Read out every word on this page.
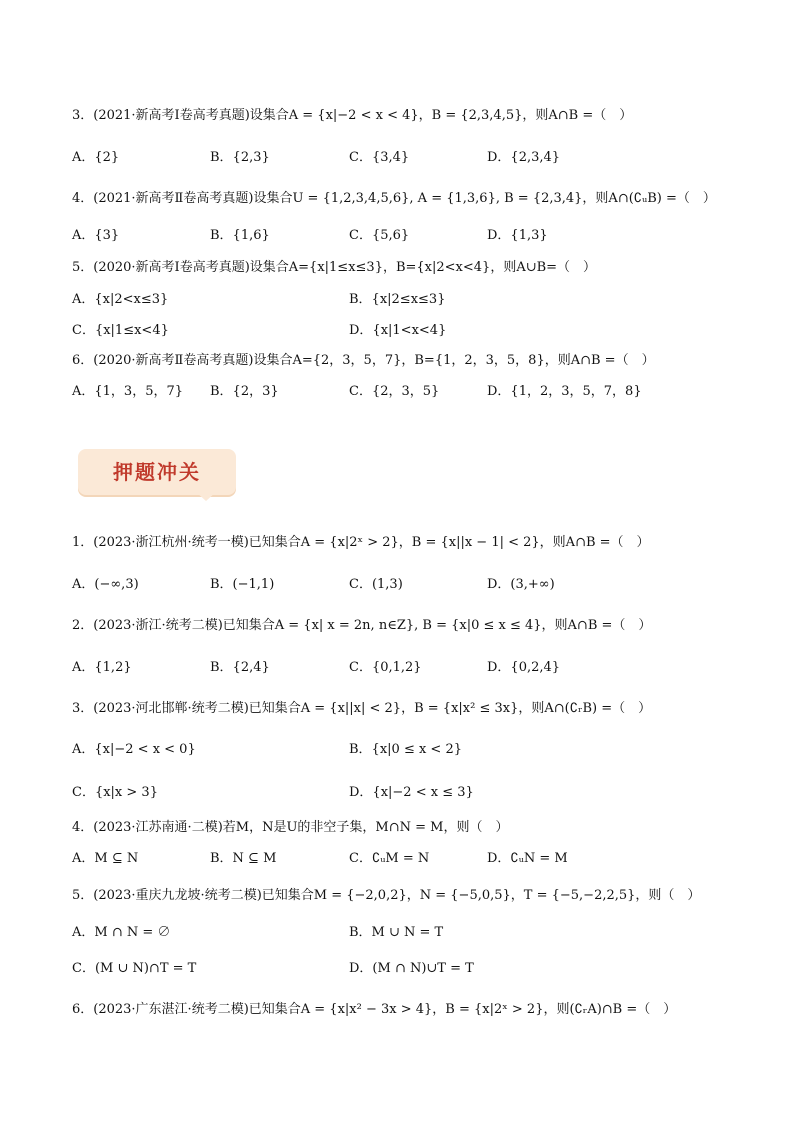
3．(2021·新高考Ⅰ卷高考真题)设集合A = {x|−2 < x < 4}，B = {2,3,4,5}，则A∩B =（　）
A．{2}	B．{2,3}	C．{3,4}	D．{2,3,4}
4．(2021·新高考Ⅱ卷高考真题)设集合U = {1,2,3,4,5,6}, A = {1,3,6}, B = {2,3,4}，则A∩(∁ᵤB) =（　）
A．{3}	B．{1,6}	C．{5,6}	D．{1,3}
5．(2020·新高考Ⅰ卷高考真题)设集合A={x|1≤x≤3}，B={x|2<x<4}，则A∪B=（　）
A．{x|2<x≤3}	B．{x|2≤x≤3}
C．{x|1≤x<4}	D．{x|1<x<4}
6．(2020·新高考Ⅱ卷高考真题)设集合A={2，3，5，7}，B={1，2，3，5，8}，则A∩B =（　）
A．{1，3，5，7} B．{2，3}	C．{2，3，5}	D．{1，2，3，5，7，8}
押题冲关
1．(2023·浙江杭州·统考一模)已知集合A = {x|2ˣ > 2}，B = {x||x − 1| < 2}，则A∩B =（　）
A．(−∞,3)	B．(−1,1)	C．(1,3)	D．(3,+∞)
2．(2023·浙江·统考二模)已知集合A = {x| x = 2n, n∈Z}, B = {x|0 ≤ x ≤ 4}，则A∩B =（　）
A．{1,2}	B．{2,4}	C．{0,1,2}	D．{0,2,4}
3．(2023·河北邯郸·统考二模)已知集合A = {x||x| < 2}，B = {x|x² ≤ 3x}，则A∩(∁ᵣB) =（　）
A．{x|−2 < x < 0}	B．{x|0 ≤ x < 2}
C．{x|x > 3}	D．{x|−2 < x ≤ 3}
4．(2023·江苏南通·二模)若M，N是U的非空子集，M∩N = M，则（　）
A．M ⊆ N	B．N ⊆ M	C．∁ᵤM = N	D．∁ᵤN = M
5．(2023·重庆九龙坡·统考二模)已知集合M = {−2,0,2}，N = {−5,0,5}，T = {−5,−2,2,5}，则（　）
A．M ∩ N = ∅	B．M ∪ N = T
C．(M ∪ N)∩T = T	D．(M ∩ N)∪T = T
6．(2023·广东湛江·统考二模)已知集合A = {x|x² − 3x > 4}，B = {x|2ˣ > 2}，则(∁ᵣA)∩B =（　）
